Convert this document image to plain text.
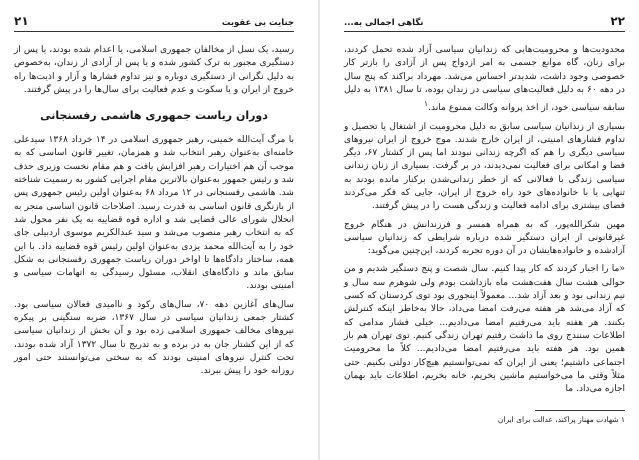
جنایت بی عقوبت
۲۱

رسید، یک نسل از مخالفان جمهوری اسلامی، یا اعدام شده بودند، یا پس از دستگیری مجبور به ترک کشور شده و یا پس از آزادی از زندان، به‌خصوص به دلیل نگرانی از دستگیری دوباره و نیز تداوم فشارها و آزار و اذیت‌ها راه خروج از ایران و یا سکوت و عدم فعالیت برای سال‌ها را در پیش گرفتند.

دوران ریاست جمهوری هاشمی رفسنجانی

با مرگ آیت‌الله خمینی، رهبر جمهوری اسلامی در ۱۴ خرداد ۱۳۶۸ سیدعلی خامنه‌ای به‌عنوان رهبر انتخاب شد و همزمان، تغییر قانون اساسی که به موجب آن هم اختیارات رهبر افزایش یافت و هم مقام نخست وزیری حذف شد و رئیس جمهور به‌عنوان بالاترین مقام اجرایی کشور به رسمیت شناخته شد. هاشمی رفسنجانی در ۱۲ مرداد ۶۸ به‌عنوان اولین رئیس جمهوری پس از بازنگری قانون اساسی به قدرت رسید. اصلاحات قانون اساسی منجر به انحلال شورای عالی قضایی شد و اداره قوه قضاییه به یک نفر محول شد که به انتخاب رهبر منصوب می‌شد و سید عبدالکریم موسوی اردبیلی جای خود را به آیت‌الله محمد یزدی به‌عنوان اولین رئیس قوه قضاییه داد. با این همه، ساختار دادگاه‌ها تا اواخر دوران ریاست جمهوری رفسنجانی به شکل سابق ماند و دادگاه‌های انقلاب، مسئول رسیدگی به اتهامات سیاسی و امنیتی بودند.

سال‌های آغازین دهه ۷۰، سال‌های رکود و ناامیدی فعالان سیاسی بود. کشتار جمعی زندانیان سیاسی در سال ۱۳۶۷، ضربه سنگینی بر پیکره نیروهای مخالف جمهوری اسلامی زده بود و آن بخش از زندانیان سیاسی که از این کشتار جان به در برده و به تدریج تا سال ۱۳۷۲ آزاد شده بودند، تحت کنترل نیروهای امنیتی بودند که به سختی می‌توانستند حتی امور روزانه خود را پیش ببرند.

۲۲
نگاهی اجمالی به...

محدودیت‌ها و محرومیت‌هایی که زندانیان سیاسی آزاد شده تحمل کردند، برای زنان، گاه موانع جسمی به امر ازدواج پس از آزادی را بازتر کار خصوصی وجود داشت، شدیدتر احساس می‌شد. مهرداد براکند که پنج سال در دهه ۶۰ به دلیل فعالیت‌های سیاسی در زندان بوده، تا سال ۱۳۸۱ به دلیل سابقه سیاسی خود، از اخذ پروانه وکالت ممنوع ماند.$^۱$

بسیاری از زندانیان سیاسی سابق به دلیل محرومیت از اشتغال یا تحصیل و تداوم فشارهای امنیتی، از ایران خارج شدند. موج خروج از ایران نیروهای سیاسی دیگری را هم که اگرچه زندانی نبودند اما پس از کشتار ۶۷، دیگر فضا و امکانی برای فعالیت نمی‌دیدند، در بر گرفت. بسیاری از زنان زندانی سیاسی زندگی با فعالانی که از خطر زندانی‌شدن برکنار مانده بودند به تنهایی یا با خانواده‌های خود راه خروج از ایران، جایی که فکر می‌کردند فضای بیشتری برای ادامه فعالیت و زندگی هست را در پیش گرفتند.

مهین شکرالله‌پور، که به همراه همسر و فرزندانش در هنگام خروج غیرقانونی از ایران دستگیر شده درباره شرایطی که زندانیان سیاسی آزادشده و خانواده‌هایشان در آن دوره تجربه کردند، این‌چنین می‌گوید:

«ما را اجبار کردند که کار پیدا کنیم. سال شصت و پنج دستگیر شدیم و من حوالی هشت سال هفت‌هشت ماه بازداشت بودم ولی شوهرم سه سال و نیم زندانی بود و بعد آزاد شد... معمولاً اینجوری بود توی کردستان که کسی که آزاد می‌شد هر هفته می‌رفت امضا می‌داد، حالا به‌خاطر اینکه کنترلش بکنند. هر هفته باید می‌رفتیم امضا می‌دادیم... خیلی فشار مدامی که اطلاعات سنندج روی ما داشت رفتیم تهران زندگی کنیم. توی تهران هم باز همین بود. هر هفته باید می‌رفتیم امضا می‌دادیم... کلاً ما محرومیت اجتماعی داشتیم؛ یعنی از ایران که نمی‌توانستیم هیچ‌کار دولتی بکنیم. حتی مثلاً وقتی ما می‌خواستیم ماشین بخریم، خانه بخریم، اطلاعات باید بهمان اجازه می‌داد. ما

۱ شهادت مهناز پراکند، عدالت برای ایران
